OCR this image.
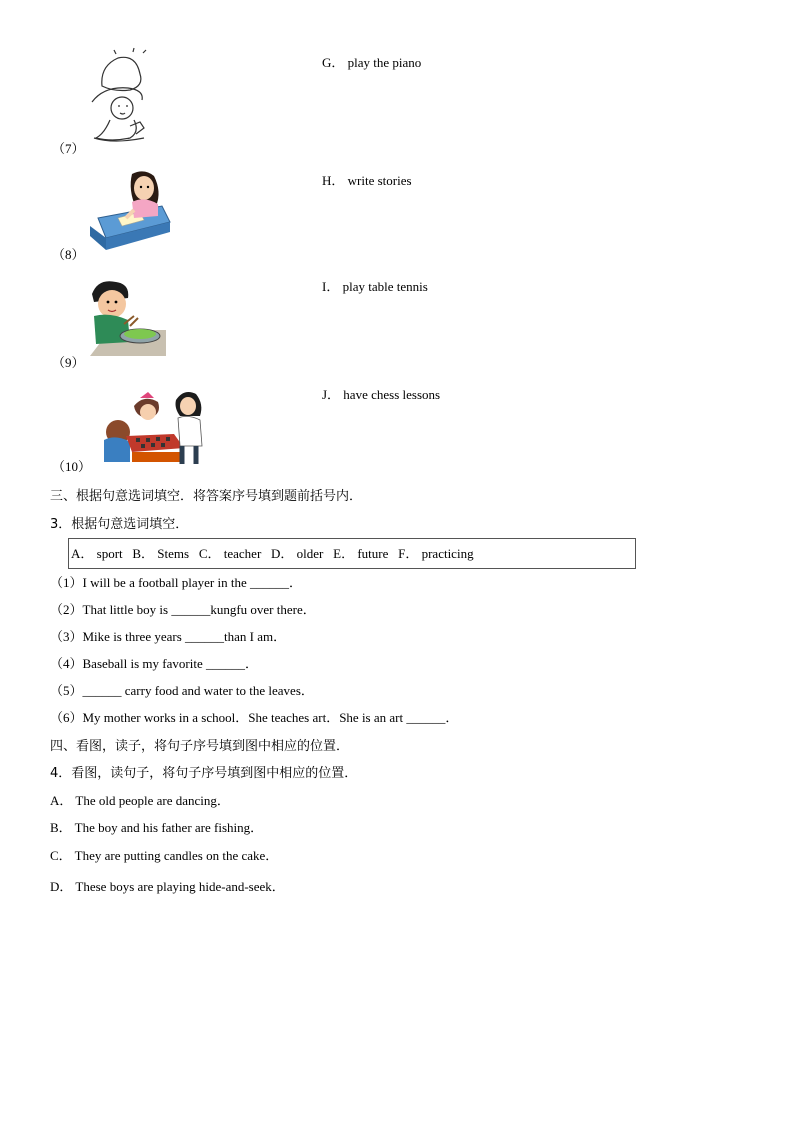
（7）
G． play the piano
（8）
H． write stories
（9）
I． play table tennis
（10）
J． have chess lessons
三、根据句意选词填空．将答案序号填到题前括号内．
3．根据句意选词填空．
A． sport   B． Stems   C． teacher   D． older   E． future   F． practicing
（1）I will be a football player in the ______．
（2）That little boy is ______kungfu over there．
（3）Mike is three years ______than I am．
（4）Baseball is my favorite ______．
（5）______ carry food and water to the leaves．
（6）My mother works in a school．She teaches art．She is an art ______．
四、看图，读子，将句子序号填到图中相应的位置．
4．看图，读句子，将句子序号填到图中相应的位置．
A． The old people are dancing．
B． The boy and his father are fishing．
C． They are putting candles on the cake．
D． These boys are playing hide-and-seek．
